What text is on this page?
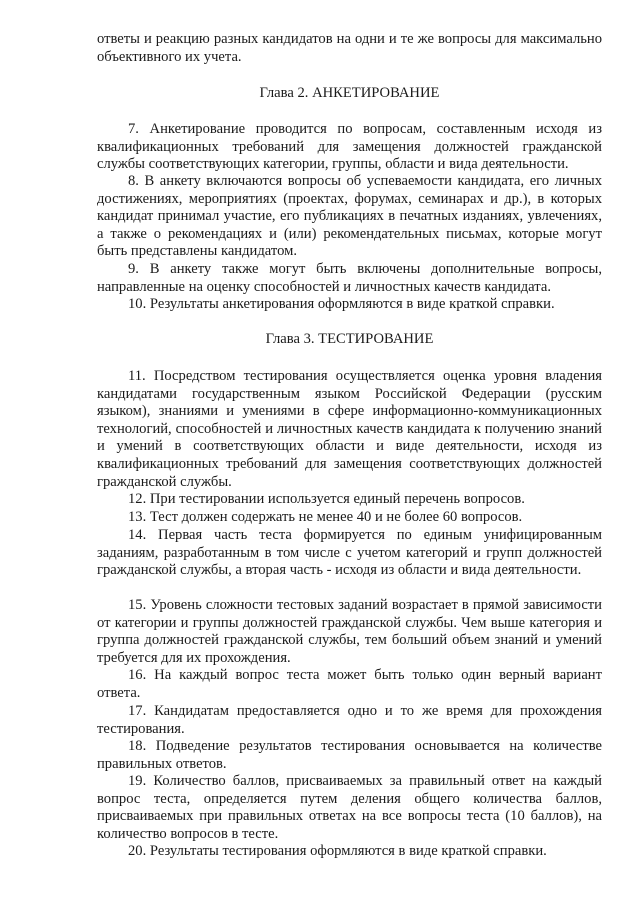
ответы и реакцию разных кандидатов на одни и те же вопросы для максимально объективного их учета.

Глава 2. АНКЕТИРОВАНИЕ

7. Анкетирование проводится по вопросам, составленным исходя из квалификационных требований для замещения должностей гражданской службы соответствующих категории, группы, области и вида деятельности.

8. В анкету включаются вопросы об успеваемости кандидата, его личных достижениях, мероприятиях (проектах, форумах, семинарах и др.), в которых кандидат принимал участие, его публикациях в печатных изданиях, увлечениях, а также о рекомендациях и (или) рекомендательных письмах, которые могут быть представлены кандидатом.

9. В анкету также могут быть включены дополнительные вопросы, направленные на оценку способностей и личностных качеств кандидата.

10. Результаты анкетирования оформляются в виде краткой справки.

Глава 3. ТЕСТИРОВАНИЕ

11. Посредством тестирования осуществляется оценка уровня владения кандидатами государственным языком Российской Федерации (русским языком), знаниями и умениями в сфере информационно-коммуникационных технологий, способностей и личностных качеств кандидата к получению знаний и умений в соответствующих области и виде деятельности, исходя из квалификационных требований для замещения соответствующих должностей гражданской службы.

12. При тестировании используется единый перечень вопросов.

13. Тест должен содержать не менее 40 и не более 60 вопросов.

14. Первая часть теста формируется по единым унифицированным заданиям, разработанным в том числе с учетом категорий и групп должностей гражданской службы, а вторая часть - исходя из области и вида деятельности.

15. Уровень сложности тестовых заданий возрастает в прямой зависимости от категории и группы должностей гражданской службы. Чем выше категория и группа должностей гражданской службы, тем больший объем знаний и умений требуется для их прохождения.

16. На каждый вопрос теста может быть только один верный вариант ответа.

17. Кандидатам предоставляется одно и то же время для прохождения тестирования.

18. Подведение результатов тестирования основывается на количестве правильных ответов.

19. Количество баллов, присваиваемых за правильный ответ на каждый вопрос теста, определяется путем деления общего количества баллов, присваиваемых при правильных ответах на все вопросы теста (10 баллов), на количество вопросов в тесте.

20. Результаты тестирования оформляются в виде краткой справки.
